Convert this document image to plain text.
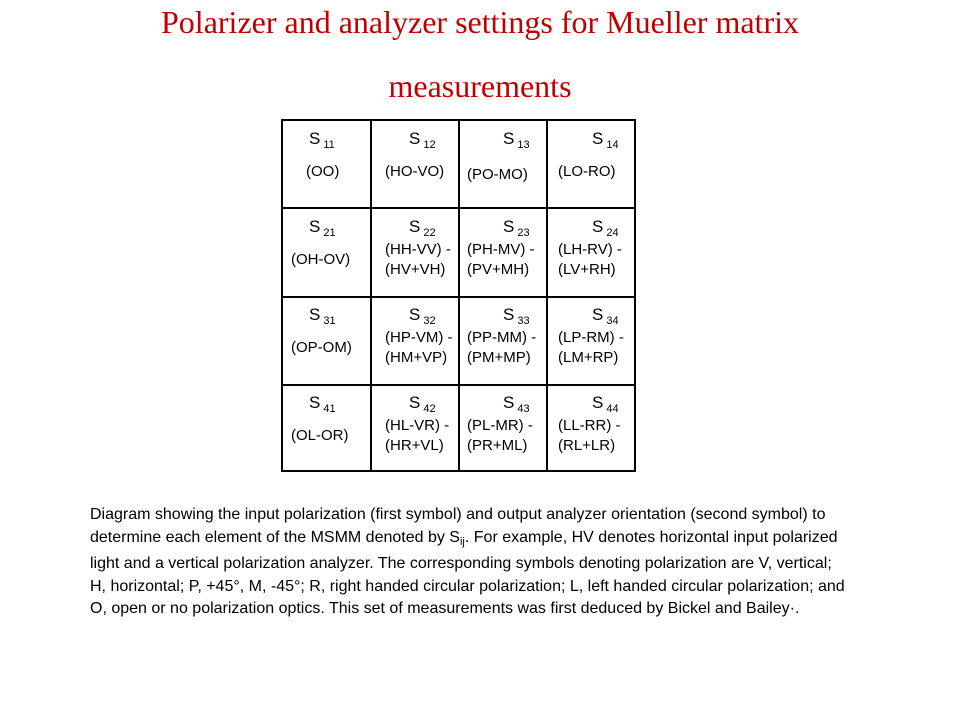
Polarizer and analyzer settings for Mueller matrix
measurements
S $_{11}$
(OO)
S $_{12}$
(HO-VO)
S $_{13}$
(PO-MO)
S $_{14}$
(LO-RO)
S $_{21}$
(OH-OV)
S $_{22}$
(HH-VV) -
(HV+VH)
S $_{23}$
(PH-MV) -
(PV+MH)
S $_{24}$
(LH-RV) -
(LV+RH)
S $_{31}$
(OP-OM)
S $_{32}$
(HP-VM) -
(HM+VP)
S $_{33}$
(PP-MM) -
(PM+MP)
S $_{34}$
(LP-RM) -
(LM+RP)
S $_{41}$
(OL-OR)
S $_{42}$
(HL-VR) -
(HR+VL)
S $_{43}$
(PL-MR) -
(PR+ML)
S $_{44}$
(LL-RR) -
(RL+LR)

Diagram showing the input polarization (first symbol) and output analyzer orientation (second symbol) to determine each element of the MSMM denoted by $S_{ij}$. For example, HV denotes horizontal input polarized light and a vertical polarization analyzer. The corresponding symbols denoting polarization are V, vertical; H, horizontal; P, +45°, M, -45°; R, right handed circular polarization; L, left handed circular polarization; and O, open or no polarization optics. This set of measurements was first deduced by Bickel and Bailey·.
